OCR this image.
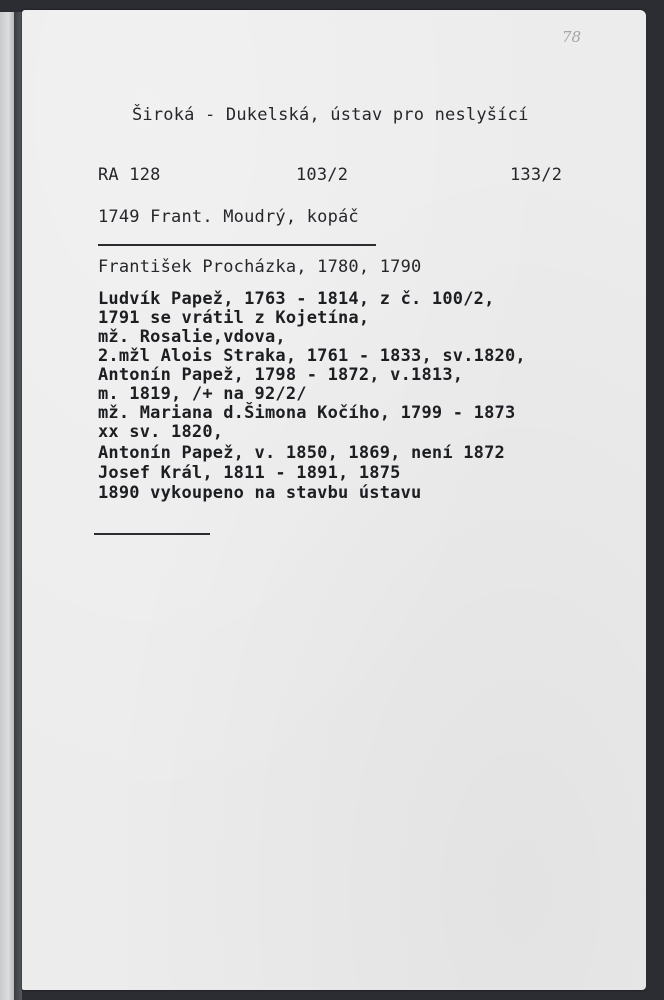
78
Široká - Dukelská, ústav pro neslyšící
RA 128	103/2	133/2
1749 Frant. Moudrý, kopáč
František Procházka, 1780, 1790
Ludvík Papež, 1763 - 1814, z č. 100/2,
1791 se vrátil z Kojetína,
mž. Rosalie,vdova,
2.mžl Alois Straka, 1761 - 1833, sv.1820,
Antonín Papež, 1798 - 1872, v.1813,
m. 1819, /+ na 92/2/
mž. Mariana d.Šimona Kočího, 1799 - 1873
xx sv. 1820,
Antonín Papež, v. 1850, 1869, není 1872
Josef Král, 1811 - 1891, 1875
1890 vykoupeno na stavbu ústavu
